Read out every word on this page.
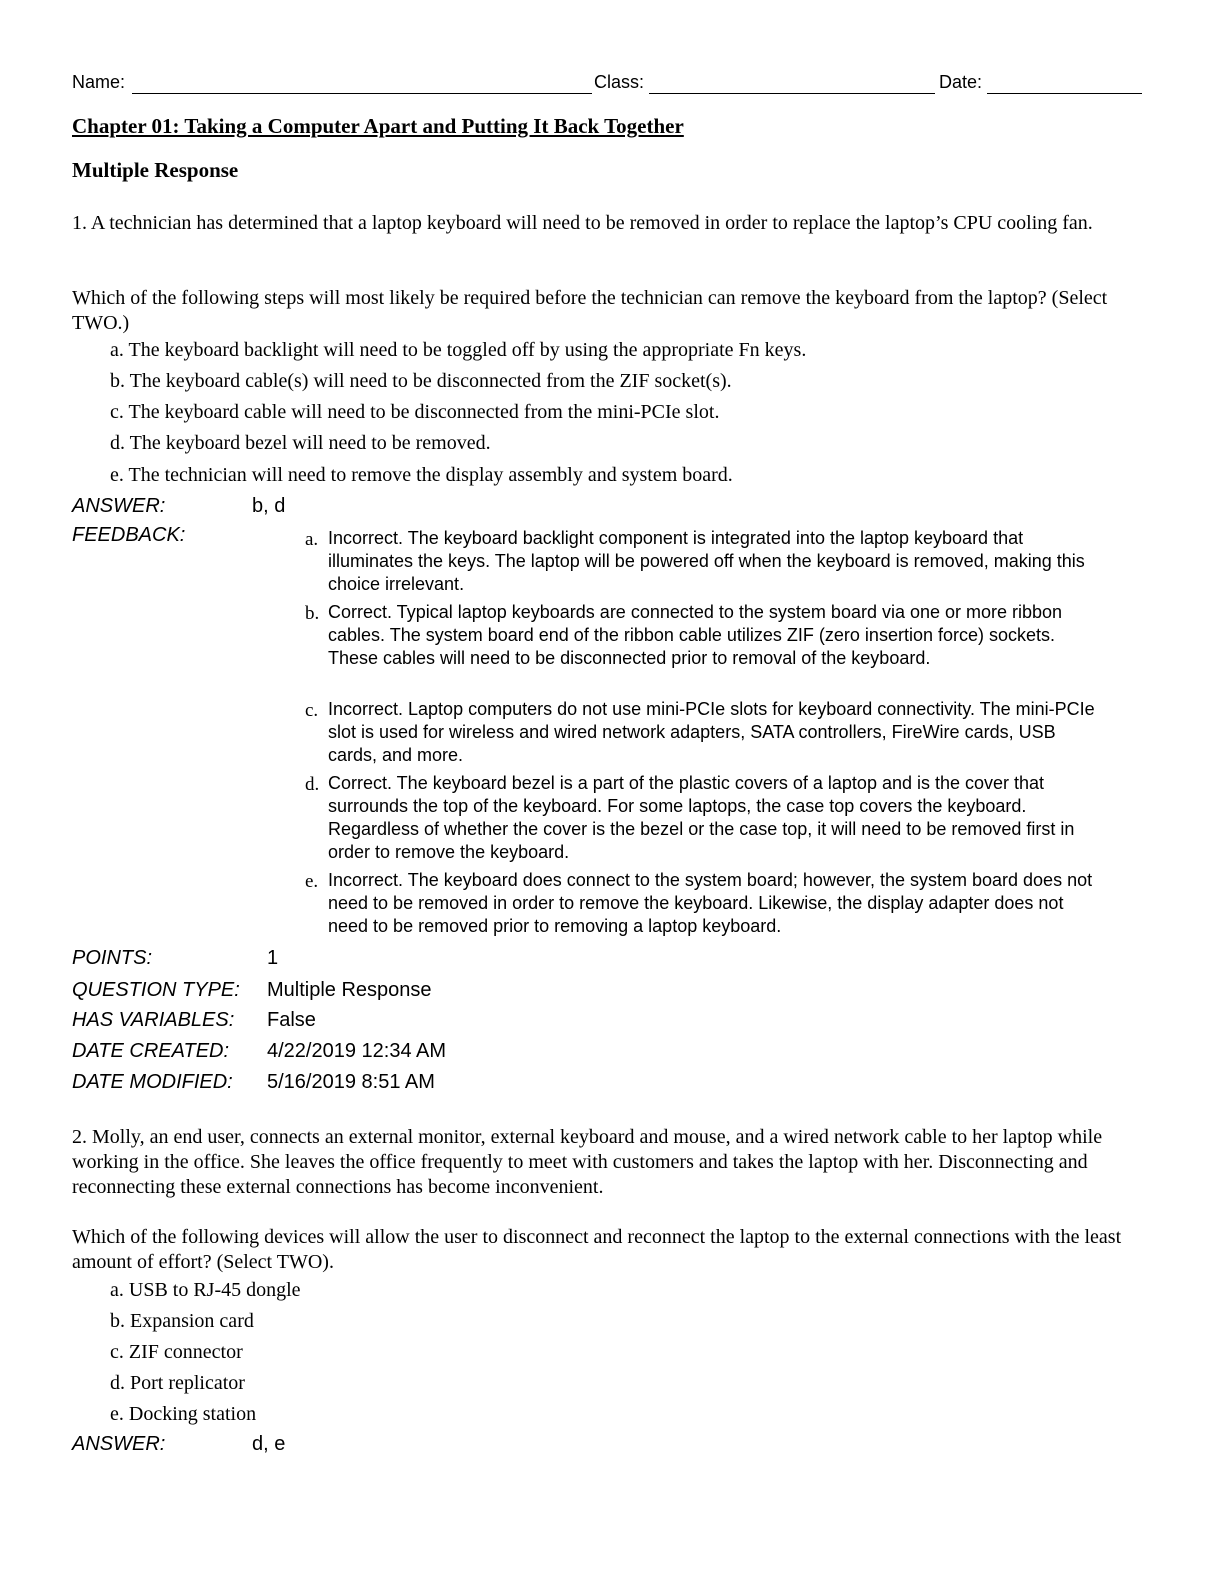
Name:	Class:	Date:
Chapter 01: Taking a Computer Apart and Putting It Back Together
Multiple Response
1. A technician has determined that a laptop keyboard will need to be removed in order to replace the laptop’s CPU cooling fan.
Which of the following steps will most likely be required before the technician can remove the keyboard from the laptop? (Select TWO.)
a. The keyboard backlight will need to be toggled off by using the appropriate Fn keys.
b. The keyboard cable(s) will need to be disconnected from the ZIF socket(s).
c. The keyboard cable will need to be disconnected from the mini-PCIe slot.
d. The keyboard bezel will need to be removed.
e. The technician will need to remove the display assembly and system board.
ANSWER:	b, d
FEEDBACK:	a. Incorrect. The keyboard backlight component is integrated into the laptop keyboard that illuminates the keys. The laptop will be powered off when the keyboard is removed, making this choice irrelevant.
b. Correct. Typical laptop keyboards are connected to the system board via one or more ribbon cables. The system board end of the ribbon cable utilizes ZIF (zero insertion force) sockets. These cables will need to be disconnected prior to removal of the keyboard.
c. Incorrect. Laptop computers do not use mini-PCIe slots for keyboard connectivity. The mini-PCIe slot is used for wireless and wired network adapters, SATA controllers, FireWire cards, USB cards, and more.
d. Correct. The keyboard bezel is a part of the plastic covers of a laptop and is the cover that surrounds the top of the keyboard. For some laptops, the case top covers the keyboard. Regardless of whether the cover is the bezel or the case top, it will need to be removed first in order to remove the keyboard.
e. Incorrect. The keyboard does connect to the system board; however, the system board does not need to be removed in order to remove the keyboard. Likewise, the display adapter does not need to be removed prior to removing a laptop keyboard.
POINTS:	1
QUESTION TYPE: Multiple Response
HAS VARIABLES: False
DATE CREATED: 4/22/2019 12:34 AM
DATE MODIFIED: 5/16/2019 8:51 AM
2. Molly, an end user, connects an external monitor, external keyboard and mouse, and a wired network cable to her laptop while working in the office. She leaves the office frequently to meet with customers and takes the laptop with her. Disconnecting and reconnecting these external connections has become inconvenient.
Which of the following devices will allow the user to disconnect and reconnect the laptop to the external connections with the least amount of effort? (Select TWO).
a. USB to RJ-45 dongle
b. Expansion card
c. ZIF connector
d. Port replicator
e. Docking station
ANSWER:	d, e
